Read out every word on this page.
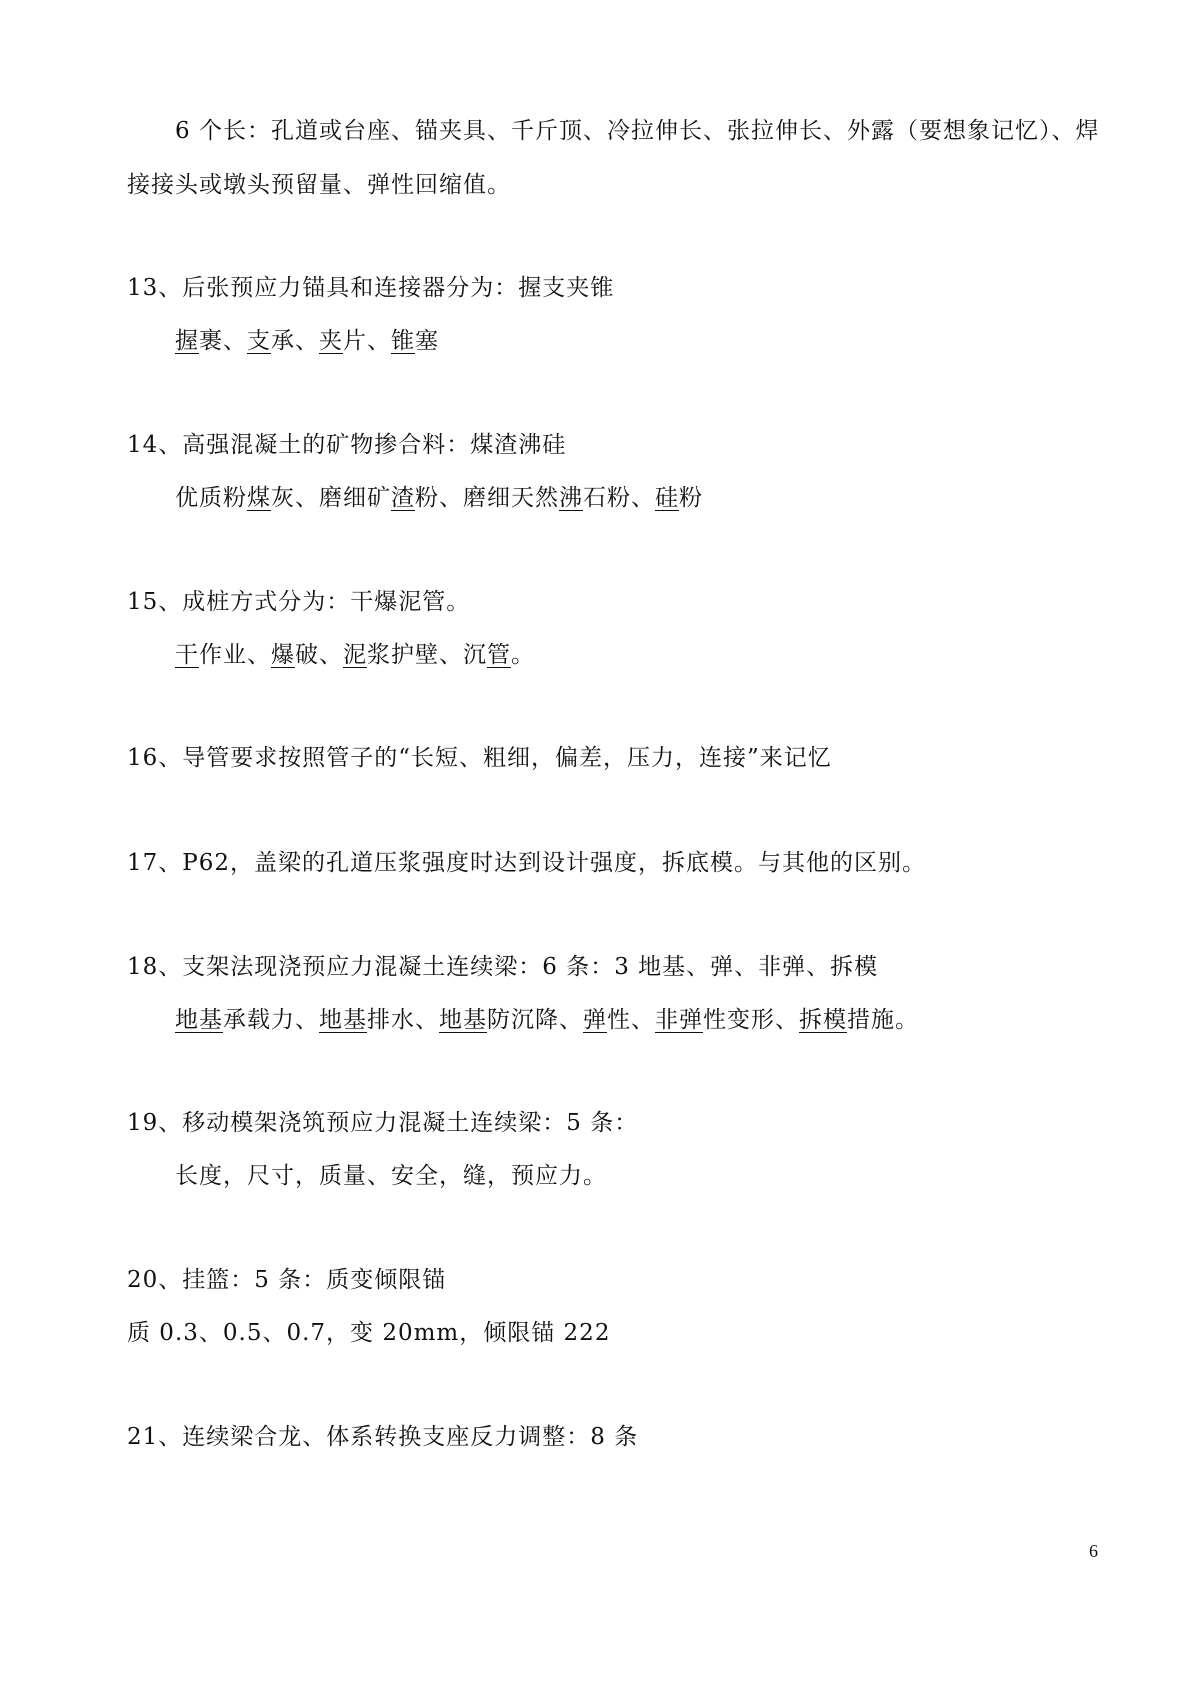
6 个长：孔道或台座、锚夹具、千斤顶、冷拉伸长、张拉伸长、外露（要想象记忆）、焊
接接头或墩头预留量、弹性回缩值。
13、后张预应力锚具和连接器分为：握支夹锥
握裹、支承、夹片、锥塞
14、高强混凝土的矿物掺合料：煤渣沸硅
优质粉煤灰、磨细矿渣粉、磨细天然沸石粉、硅粉
15、成桩方式分为：干爆泥管。
干作业、爆破、泥浆护壁、沉管。
16、导管要求按照管子的“长短、粗细，偏差，压力，连接”来记忆
17、P62，盖梁的孔道压浆强度时达到设计强度，拆底模。与其他的区别。
18、支架法现浇预应力混凝土连续梁：6 条：3 地基、弹、非弹、拆模
地基承载力、地基排水、地基防沉降、弹性、非弹性变形、拆模措施。
19、移动模架浇筑预应力混凝土连续梁：5 条：
长度，尺寸，质量、安全，缝，预应力。
20、挂篮：5 条：质变倾限锚
质 0.3、0.5、0.7，变 20mm，倾限锚 222
21、连续梁合龙、体系转换支座反力调整：8 条
6
